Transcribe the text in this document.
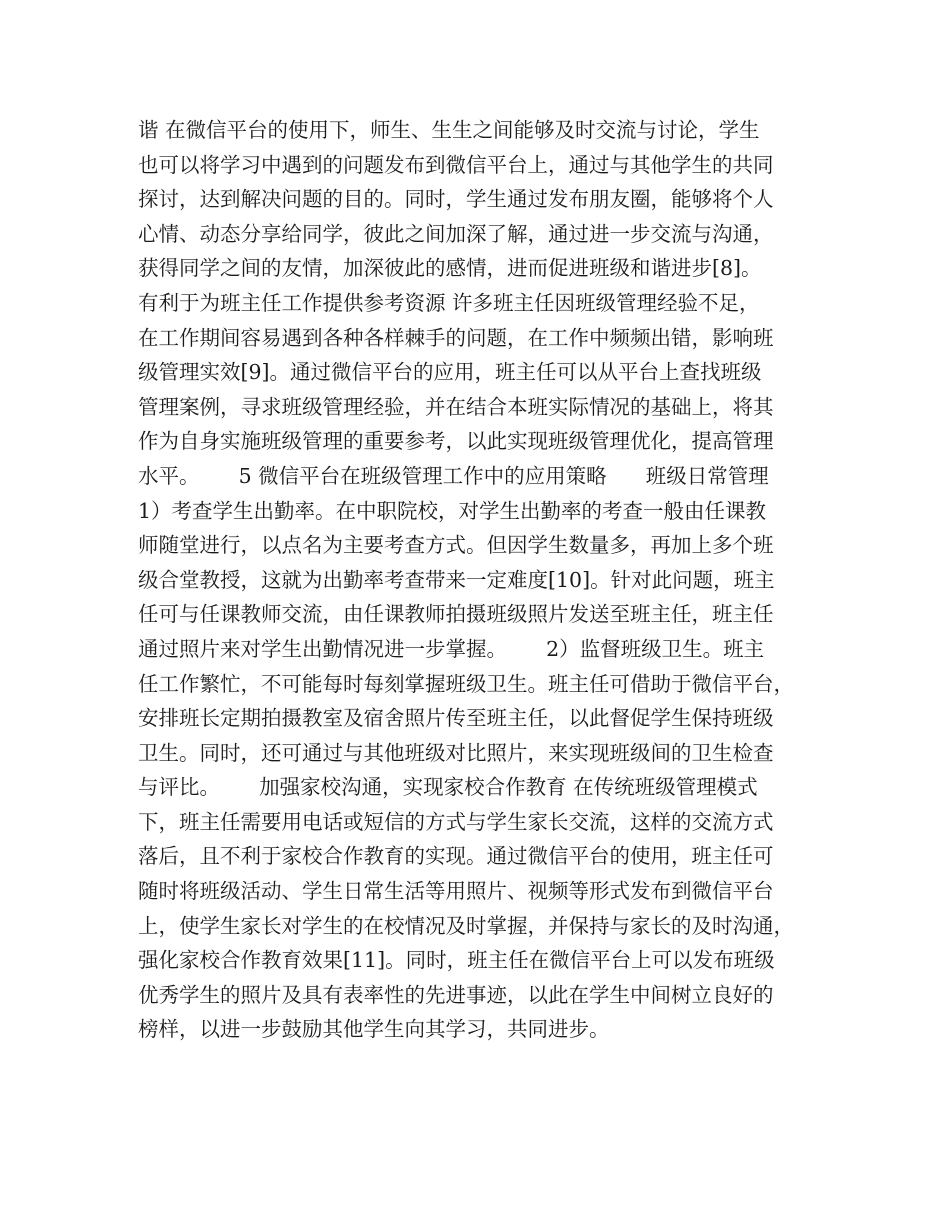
谐 在微信平台的使用下，师生、生生之间能够及时交流与讨论，学生
也可以将学习中遇到的问题发布到微信平台上，通过与其他学生的共同
探讨，达到解决问题的目的。同时，学生通过发布朋友圈，能够将个人
心情、动态分享给同学，彼此之间加深了解，通过进一步交流与沟通，
获得同学之间的友情，加深彼此的感情，进而促进班级和谐进步[8]。
有利于为班主任工作提供参考资源 许多班主任因班级管理经验不足，
在工作期间容易遇到各种各样棘手的问题，在工作中频频出错，影响班
级管理实效[9]。通过微信平台的应用，班主任可以从平台上查找班级
管理案例，寻求班级管理经验，并在结合本班实际情况的基础上，将其
作为自身实施班级管理的重要参考，以此实现班级管理优化，提高管理
水平。      5 微信平台在班级管理工作中的应用策略      班级日常管理
1）考查学生出勤率。在中职院校，对学生出勤率的考查一般由任课教
师随堂进行，以点名为主要考查方式。但因学生数量多，再加上多个班
级合堂教授，这就为出勤率考查带来一定难度[10]。针对此问题，班主
任可与任课教师交流，由任课教师拍摄班级照片发送至班主任，班主任
通过照片来对学生出勤情况进一步掌握。      2）监督班级卫生。班主
任工作繁忙，不可能每时每刻掌握班级卫生。班主任可借助于微信平台，
安排班长定期拍摄教室及宿舍照片传至班主任，以此督促学生保持班级
卫生。同时，还可通过与其他班级对比照片，来实现班级间的卫生检查
与评比。      加强家校沟通，实现家校合作教育 在传统班级管理模式
下，班主任需要用电话或短信的方式与学生家长交流，这样的交流方式
落后，且不利于家校合作教育的实现。通过微信平台的使用，班主任可
随时将班级活动、学生日常生活等用照片、视频等形式发布到微信平台
上，使学生家长对学生的在校情况及时掌握，并保持与家长的及时沟通，
强化家校合作教育效果[11]。同时，班主任在微信平台上可以发布班级
优秀学生的照片及具有表率性的先进事迹，以此在学生中间树立良好的
榜样，以进一步鼓励其他学生向其学习，共同进步。
